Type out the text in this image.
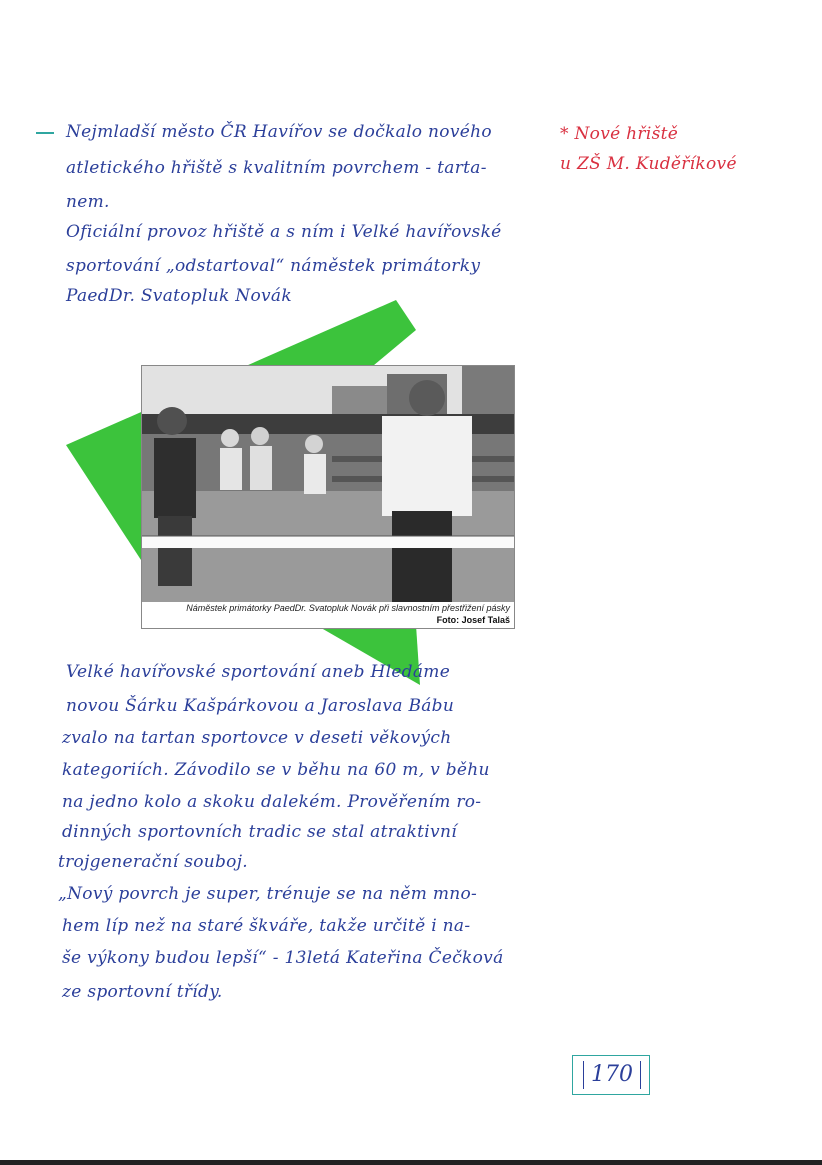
Nejmladší město ČR Havířov se dočkalo nového
atletického hřiště s kvalitním povrchem - tarta-
nem.
Oficiální provoz hřiště a s ním i Velké havířovské
sportování „odstartoval“ náměstek primátorky
PaedDr. Svatopluk Novák
* Nové hřiště
u ZŠ M. Kuděříkové
Náměstek primátorky PaedDr. Svatopluk Novák při slavnostním přestřižení pásky
Foto: Josef Talaš
Velké havířovské sportování aneb Hledáme
novou Šárku Kašpárkovou a Jaroslava Bábu
zvalo na tartan sportovce v deseti věkových
kategoriích. Závodilo se v běhu na 60 m, v běhu
na jedno kolo a skoku dalekém. Prověřením ro-
dinných sportovních tradic se stal atraktivní
trojgenerační souboj.
„Nový povrch je super, trénuje se na něm mno-
hem líp než na staré škváře, takže určitě i na-
še výkony budou lepší“ - 13letá Kateřina Čečková
ze sportovní třídy.
170
